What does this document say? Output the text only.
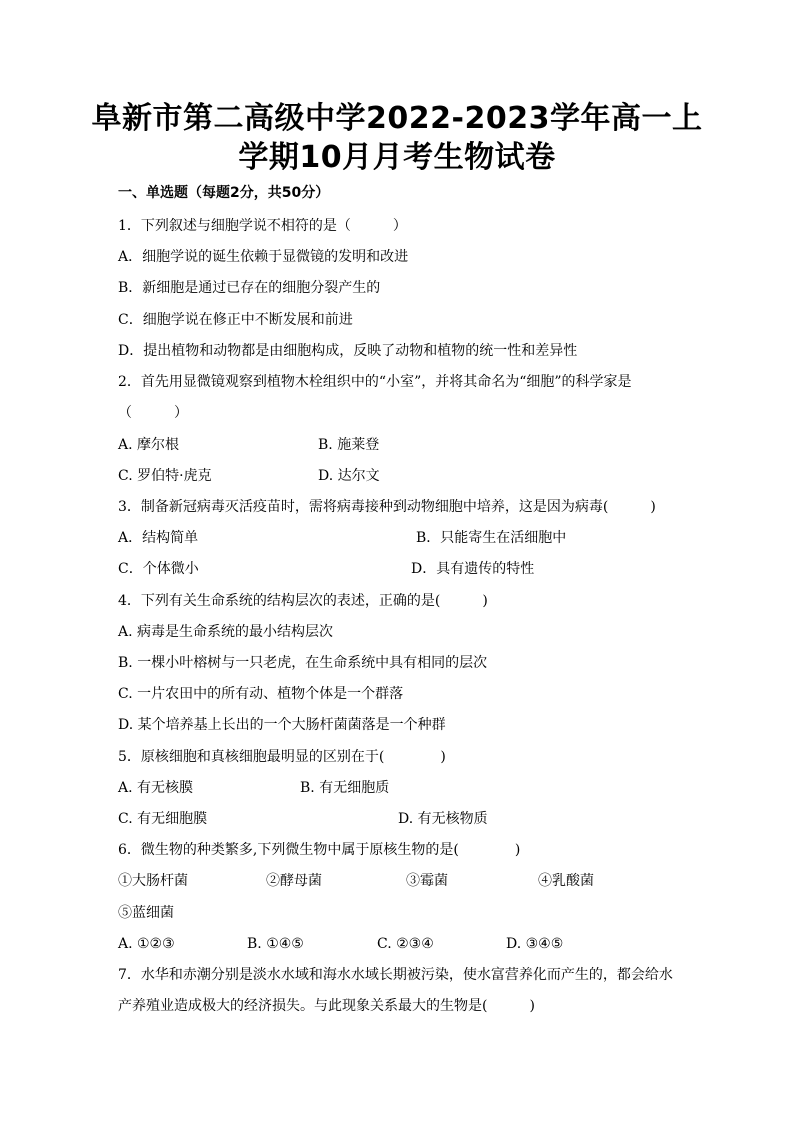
阜新市第二高级中学2022-2023学年高一上
学期10月月考生物试卷
一、单选题（每题2分，共50分）
1．下列叙述与细胞学说不相符的是（　　　）
A．细胞学说的诞生依赖于显微镜的发明和改进
B．新细胞是通过已存在的细胞分裂产生的
C．细胞学说在修正中不断发展和前进
D．提出植物和动物都是由细胞构成，反映了动物和植物的统一性和差异性
2．首先用显微镜观察到植物木栓组织中的“小室”，并将其命名为“细胞”的科学家是
（　　　）
A. 摩尔根	B. 施莱登
C. 罗伯特·虎克	D. 达尔文
3．制备新冠病毒灭活疫苗时，需将病毒接种到动物细胞中培养，这是因为病毒(　　　)
A．结构简单	B．只能寄生在活细胞中
C．个体微小	D．具有遗传的特性
4．下列有关生命系统的结构层次的表述，正确的是(　　　)
A. 病毒是生命系统的最小结构层次
B. 一棵小叶榕树与一只老虎，在生命系统中具有相同的层次
C. 一片农田中的所有动、植物个体是一个群落
D. 某个培养基上长出的一个大肠杆菌菌落是一个种群
5．原核细胞和真核细胞最明显的区别在于(　　　　)
A. 有无核膜	B. 有无细胞质
C. 有无细胞膜	D. 有无核物质
6．微生物的种类繁多,下列微生物中属于原核生物的是(　　　　)
①大肠杆菌	②酵母菌	③霉菌	④乳酸菌
⑤蓝细菌
A. ①②③	B. ①④⑤	C. ②③④	D. ③④⑤
7．水华和赤潮分别是淡水水域和海水水域长期被污染，使水富营养化而产生的，都会给水
产养殖业造成极大的经济损失。与此现象关系最大的生物是(　　　)
